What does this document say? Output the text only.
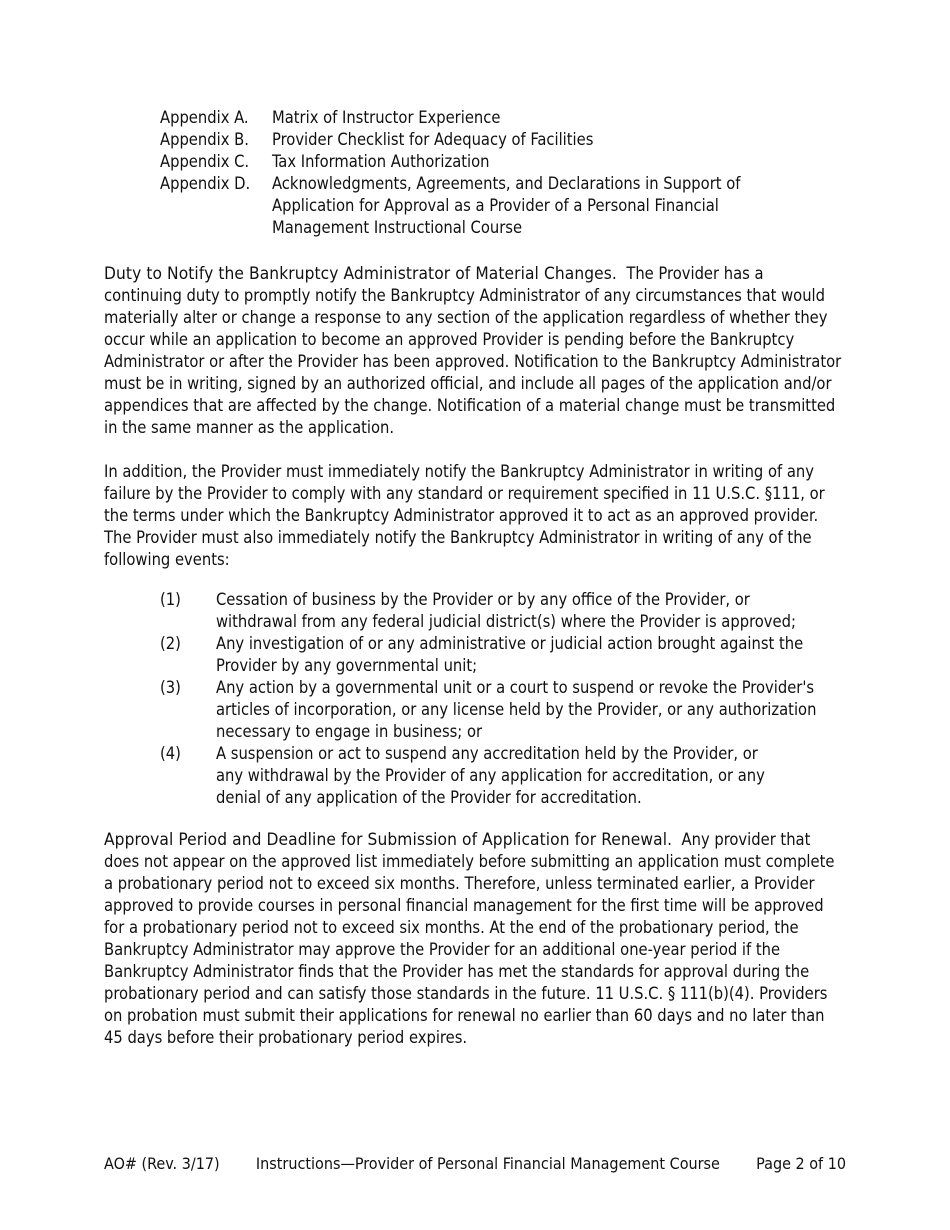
Appendix A.	Matrix of Instructor Experience
Appendix B.	Provider Checklist for Adequacy of Facilities
Appendix C.	Tax Information Authorization
Appendix D.	Acknowledgments, Agreements, and Declarations in Support of Application for Approval as a Provider of a Personal Financial Management Instructional Course

Duty to Notify the Bankruptcy Administrator of Material Changes. The Provider has a continuing duty to promptly notify the Bankruptcy Administrator of any circumstances that would materially alter or change a response to any section of the application regardless of whether they occur while an application to become an approved Provider is pending before the Bankruptcy Administrator or after the Provider has been approved. Notification to the Bankruptcy Administrator must be in writing, signed by an authorized official, and include all pages of the application and/or appendices that are affected by the change. Notification of a material change must be transmitted in the same manner as the application.

In addition, the Provider must immediately notify the Bankruptcy Administrator in writing of any failure by the Provider to comply with any standard or requirement specified in 11 U.S.C. §111, or the terms under which the Bankruptcy Administrator approved it to act as an approved provider. The Provider must also immediately notify the Bankruptcy Administrator in writing of any of the following events:

(1)	Cessation of business by the Provider or by any office of the Provider, or withdrawal from any federal judicial district(s) where the Provider is approved;
(2)	Any investigation of or any administrative or judicial action brought against the Provider by any governmental unit;
(3)	Any action by a governmental unit or a court to suspend or revoke the Provider's articles of incorporation, or any license held by the Provider, or any authorization necessary to engage in business; or
(4)	A suspension or act to suspend any accreditation held by the Provider, or any withdrawal by the Provider of any application for accreditation, or any denial of any application of the Provider for accreditation.

Approval Period and Deadline for Submission of Application for Renewal. Any provider that does not appear on the approved list immediately before submitting an application must complete a probationary period not to exceed six months. Therefore, unless terminated earlier, a Provider approved to provide courses in personal financial management for the first time will be approved for a probationary period not to exceed six months. At the end of the probationary period, the Bankruptcy Administrator may approve the Provider for an additional one-year period if the Bankruptcy Administrator finds that the Provider has met the standards for approval during the probationary period and can satisfy those standards in the future. 11 U.S.C. § 111(b)(4). Providers on probation must submit their applications for renewal no earlier than 60 days and no later than 45 days before their probationary period expires.

AO# (Rev. 3/17) Instructions—Provider of Personal Financial Management Course Page 2 of 10
